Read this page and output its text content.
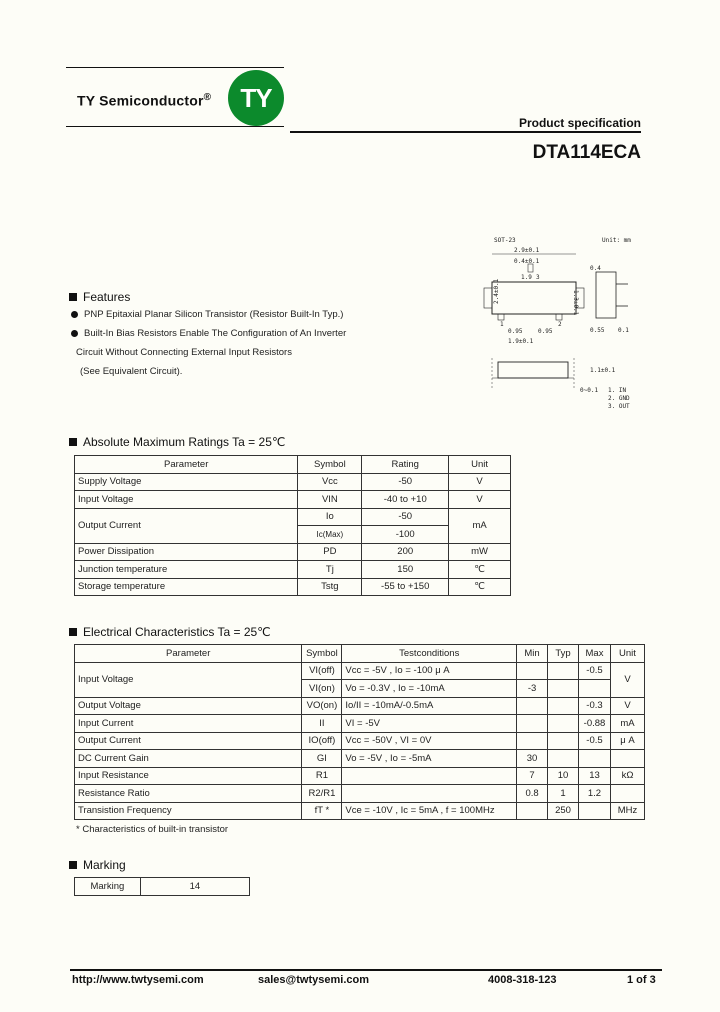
TY Semiconductor® TY
Product specification
DTA114ECA
SOT-23	Unit: mm
2.9±0.1
0.4±0.1
1.9 3
2.4±0.1	1.3±0.1
1	2
0.95	0.95
1.9±0.1
0.4
0.55 0.1
0~0.1
1.1±0.1
1. IN
2. GND
3. OUT
Features
PNP Epitaxial Planar Silicon Transistor (Resistor Built-In Typ.)
Built-In Bias Resistors Enable The Configuration of An Inverter
Circuit Without Connecting External Input Resistors
(See Equivalent Circuit).
Absolute Maximum Ratings Ta = 25℃
Parameter	Symbol	Rating	Unit
Supply Voltage	Vcc	-50	V
Input Voltage	VIN	-40 to +10	V
Output Current	Io	-50	mA
	Ic(Max)	-100	
Power Dissipation	PD	200	mW
Junction temperature	Tj	150	℃
Storage temperature	Tstg	-55 to +150	℃
Electrical Characteristics Ta = 25℃
Parameter	Symbol	Testconditions	Min	Typ	Max	Unit
Input Voltage	VI(off)	Vcc = -5V , Io = -100 μ A			-0.5	V
	VI(on)	Vo = -0.3V , Io = -10mA	-3			
Output Voltage	VO(on)	Io/II = -10mA/-0.5mA			-0.3	V
Input Current	II	VI = -5V			-0.88	mA
Output Current	IO(off)	Vcc = -50V , VI = 0V			-0.5	μ A
DC Current Gain	GI	Vo = -5V , Io = -5mA	30			
Input Resistance	R1		7	10	13	kΩ
Resistance Ratio	R2/R1		0.8	1	1.2	
Transistion Frequency	fT *	Vce = -10V , Ic = 5mA , f = 100MHz		250		MHz
* Characteristics of built-in transistor
Marking
Marking	14
http://www.twtysemi.com	sales@twtysemi.com	4008-318-123	1 of 3
